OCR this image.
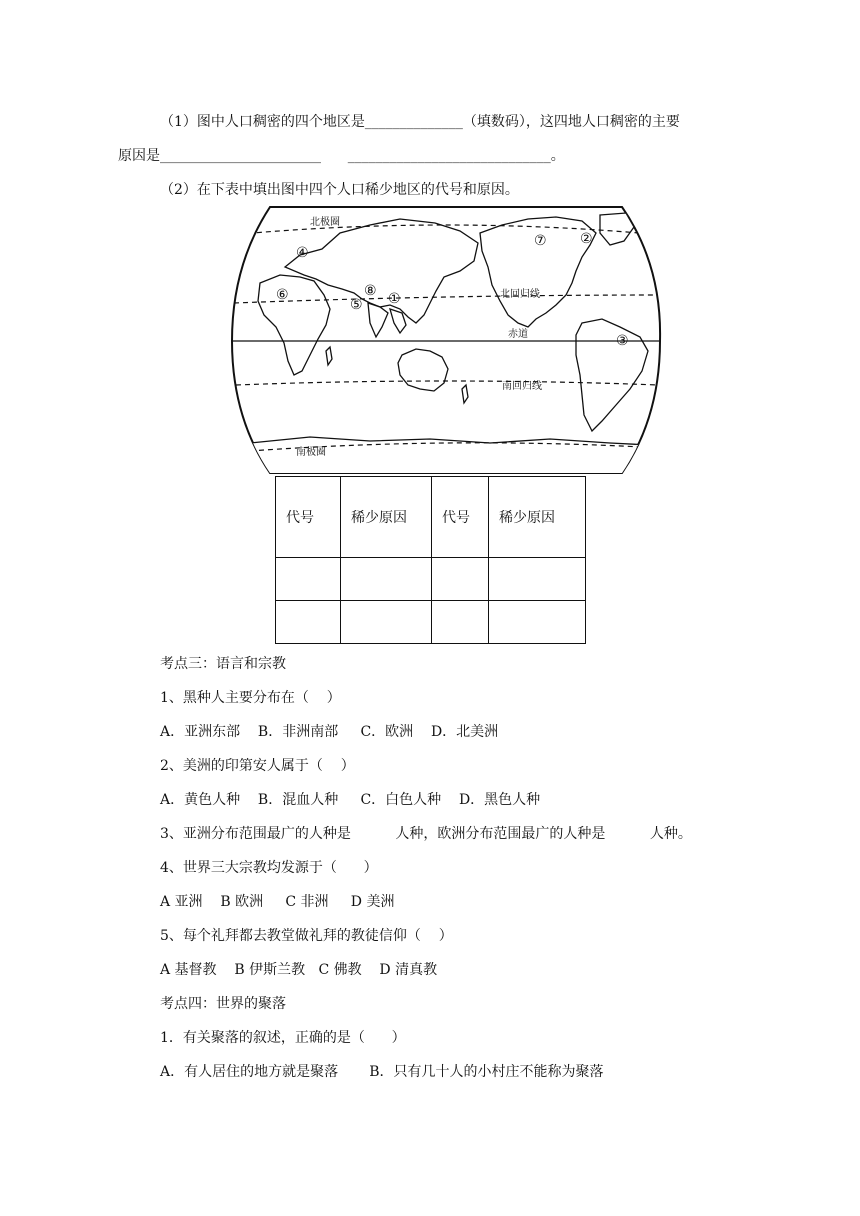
（1）图中人口稠密的四个地区是______________（填数码），这四地人口稠密的主要
原因是_______________________ _____________________________。
（2）在下表中填出图中四个人口稀少地区的代号和原因。
北极圈
北回归线
赤道
南回归线
南极圈
①
②
③
④
⑤
⑥
⑦
⑧
代号	稀少原因	代号	稀少原因

考点三：语言和宗教
1、黑种人主要分布在（    ）
A．亚洲东部    B．非洲南部     C．欧洲    D．北美洲
2、美洲的印第安人属于（    ）
A．黄色人种    B．混血人种     C．白色人种    D．黑色人种
3、亚洲分布范围最广的人种是          人种，欧洲分布范围最广的人种是          人种。
4、世界三大宗教均发源于（      ）
A 亚洲    B 欧洲     C 非洲     D 美洲
5、每个礼拜都去教堂做礼拜的教徒信仰（    ）
A 基督教    B 伊斯兰教   C 佛教    D 清真教
考点四：世界的聚落
1．有关聚落的叙述，正确的是（      ）
A．有人居住的地方就是聚落       B．只有几十人的小村庄不能称为聚落
